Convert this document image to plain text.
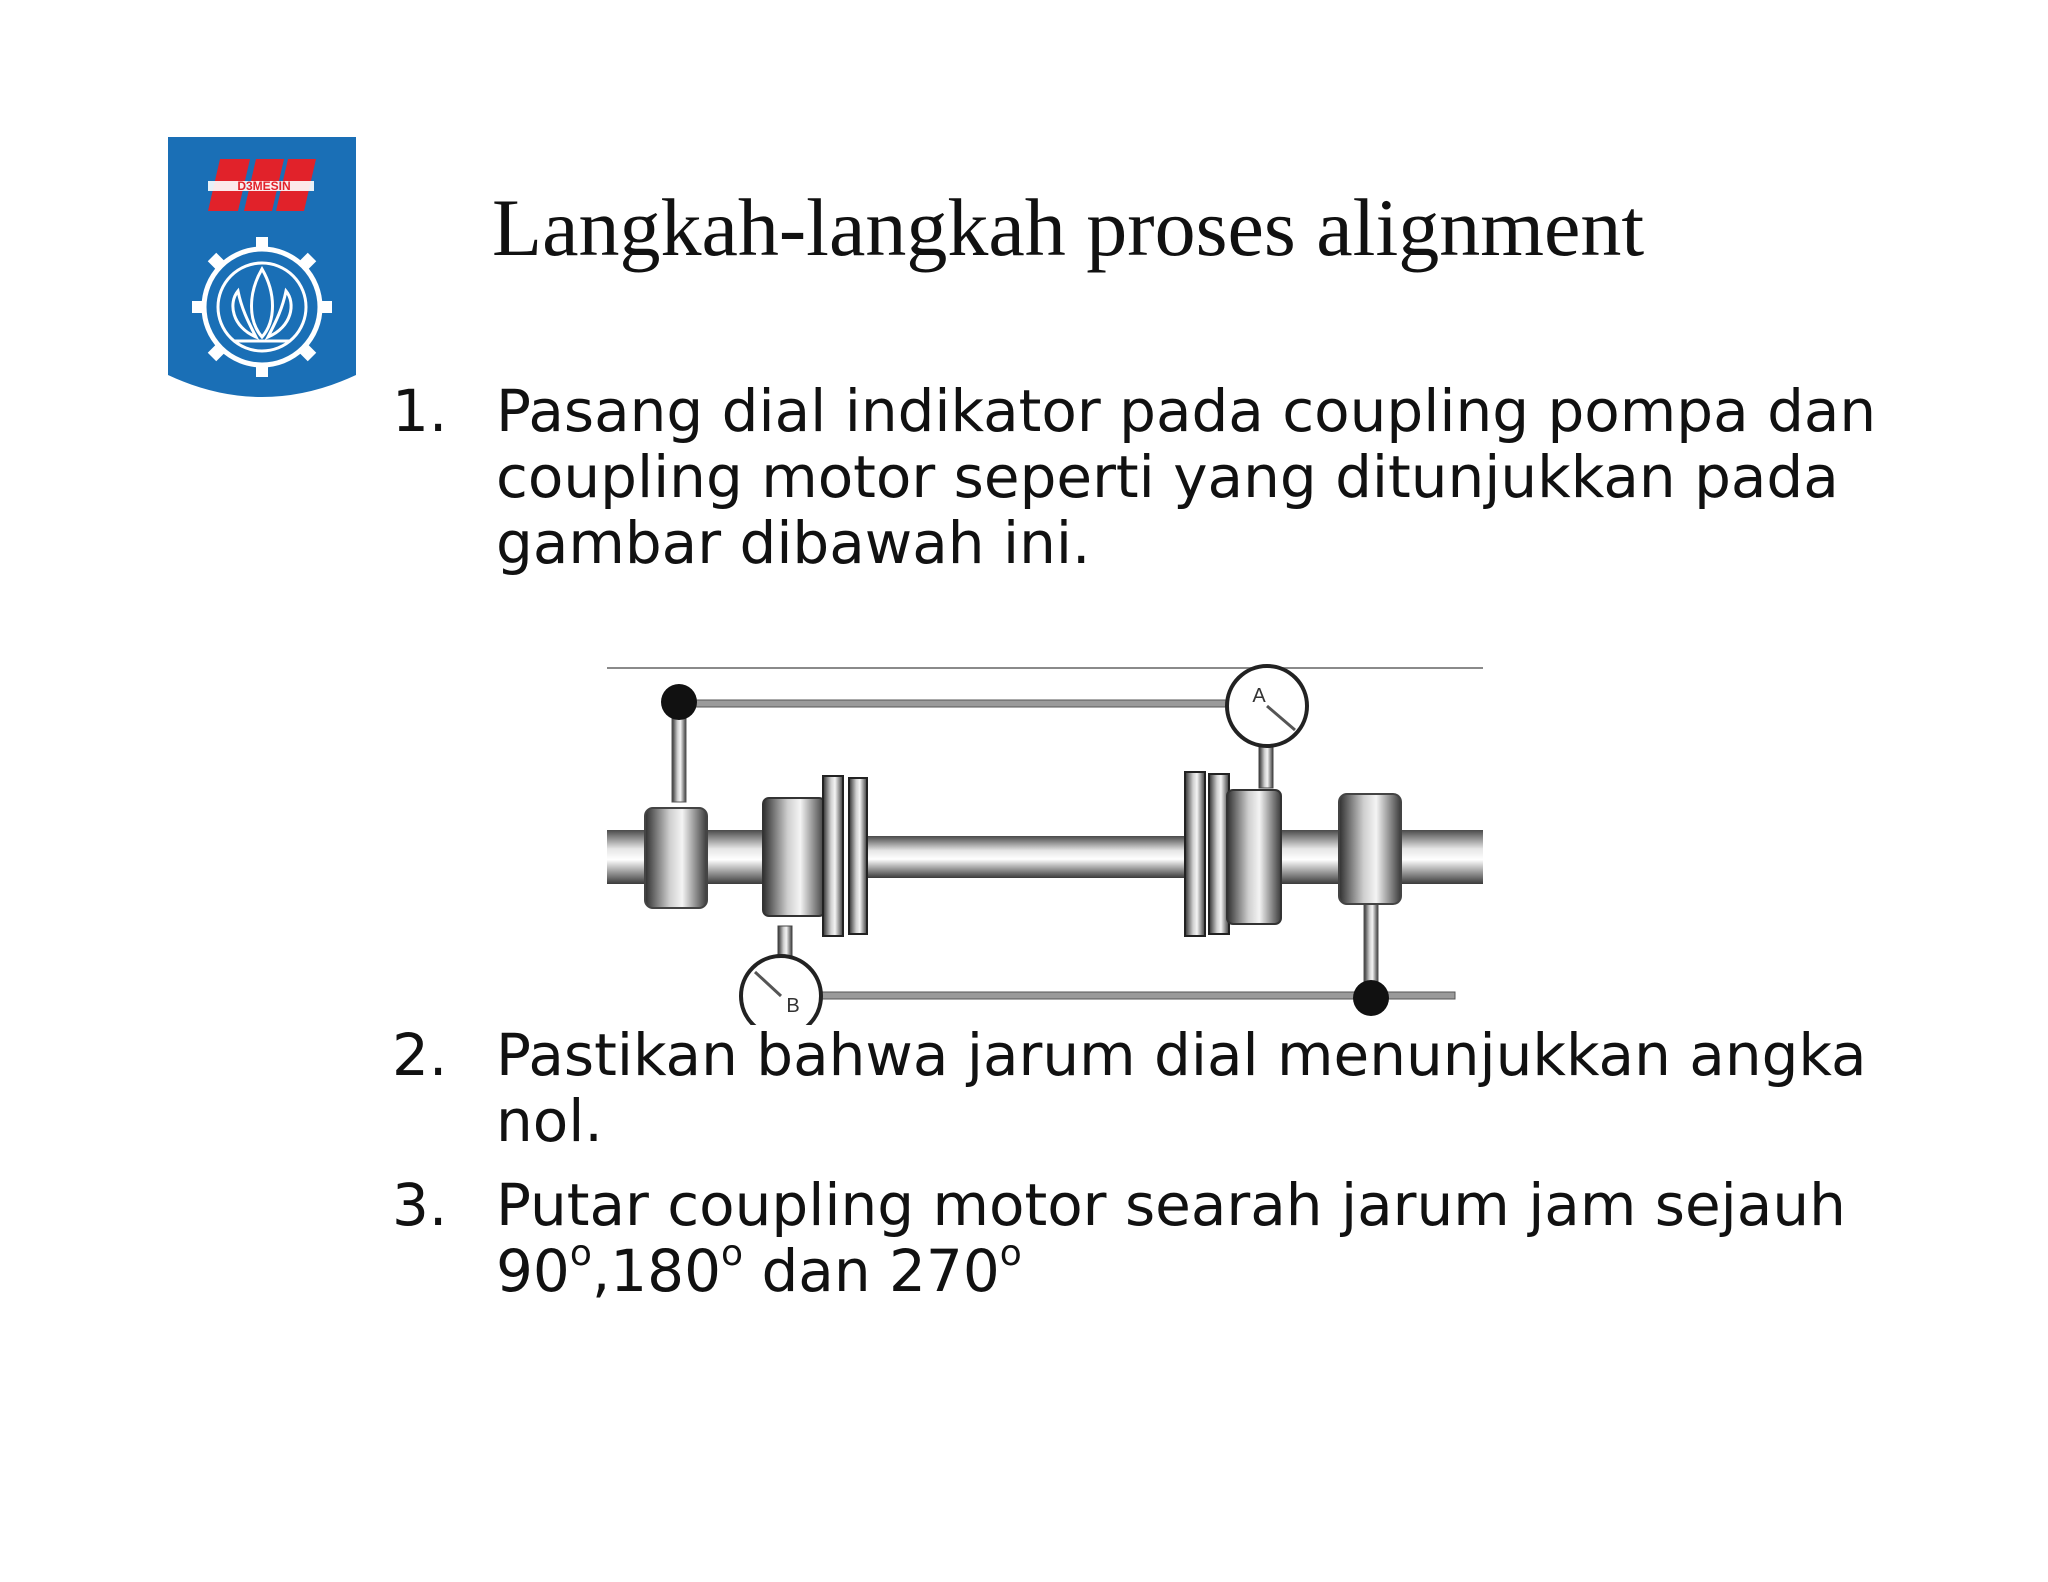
D3MESIN Langkah-langkah proses alignment
1. Pasang dial indikator pada coupling pompa dan
coupling motor seperti yang ditunjukkan pada
gambar dibawah ini.
A
B
2. Pastikan bahwa jarum dial menunjukkan angka
nol.
3. Putar coupling motor searah jarum jam sejauh
90$^o$,180$^o$ dan 270$^o$
